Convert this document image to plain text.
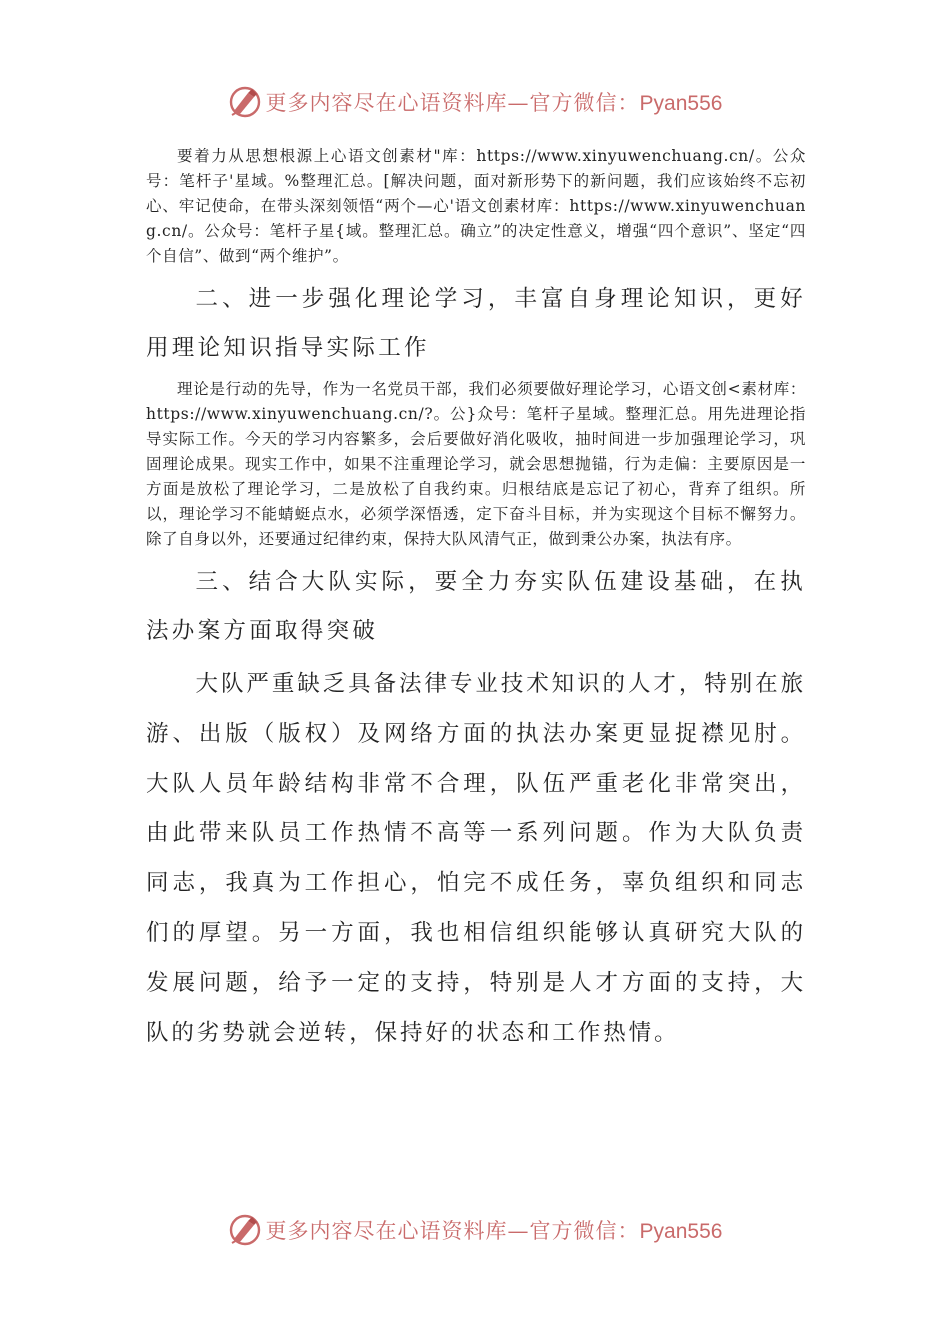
更多内容尽在心语资料库—官方微信：Pyan556

要着力从思想根源上心语文创素材"库：https://www.xinyuwenchuang.cn/。公众号：笔杆子'星域。%整理汇总。[解决问题，面对新形势下的新问题，我们应该始终不忘初心、牢记使命，在带头深刻领悟“两个—心'语文创素材库：https://www.xinyuwenchuang.cn/。公众号：笔杆子星{域。整理汇总。确立”的决定性意义，增强“四个意识”、坚定“四个自信”、做到“两个维护”。

二、进一步强化理论学习，丰富自身理论知识，更好用理论知识指导实际工作

理论是行动的先导，作为一名党员干部，我们必须要做好理论学习，心语文创<素材库：https://www.xinyuwenchuang.cn/?。公}众号：笔杆子星域。整理汇总。用先进理论指导实际工作。今天的学习内容繁多，会后要做好消化吸收，抽时间进一步加强理论学习，巩固理论成果。现实工作中，如果不注重理论学习，就会思想抛锚，行为走偏：主要原因是一方面是放松了理论学习，二是放松了自我约束。归根结底是忘记了初心，背弃了组织。所以，理论学习不能蜻蜓点水，必须学深悟透，定下奋斗目标，并为实现这个目标不懈努力。除了自身以外，还要通过纪律约束，保持大队风清气正，做到秉公办案，执法有序。

三、结合大队实际，要全力夯实队伍建设基础，在执法办案方面取得突破

大队严重缺乏具备法律专业技术知识的人才，特别在旅游、出版（版权）及网络方面的执法办案更显捉襟见肘。大队人员年龄结构非常不合理，队伍严重老化非常突出，由此带来队员工作热情不高等一系列问题。作为大队负责同志，我真为工作担心，怕完不成任务，辜负组织和同志们的厚望。另一方面，我也相信组织能够认真研究大队的发展问题，给予一定的支持，特别是人才方面的支持，大队的劣势就会逆转，保持好的状态和工作热情。

更多内容尽在心语资料库—官方微信：Pyan556
